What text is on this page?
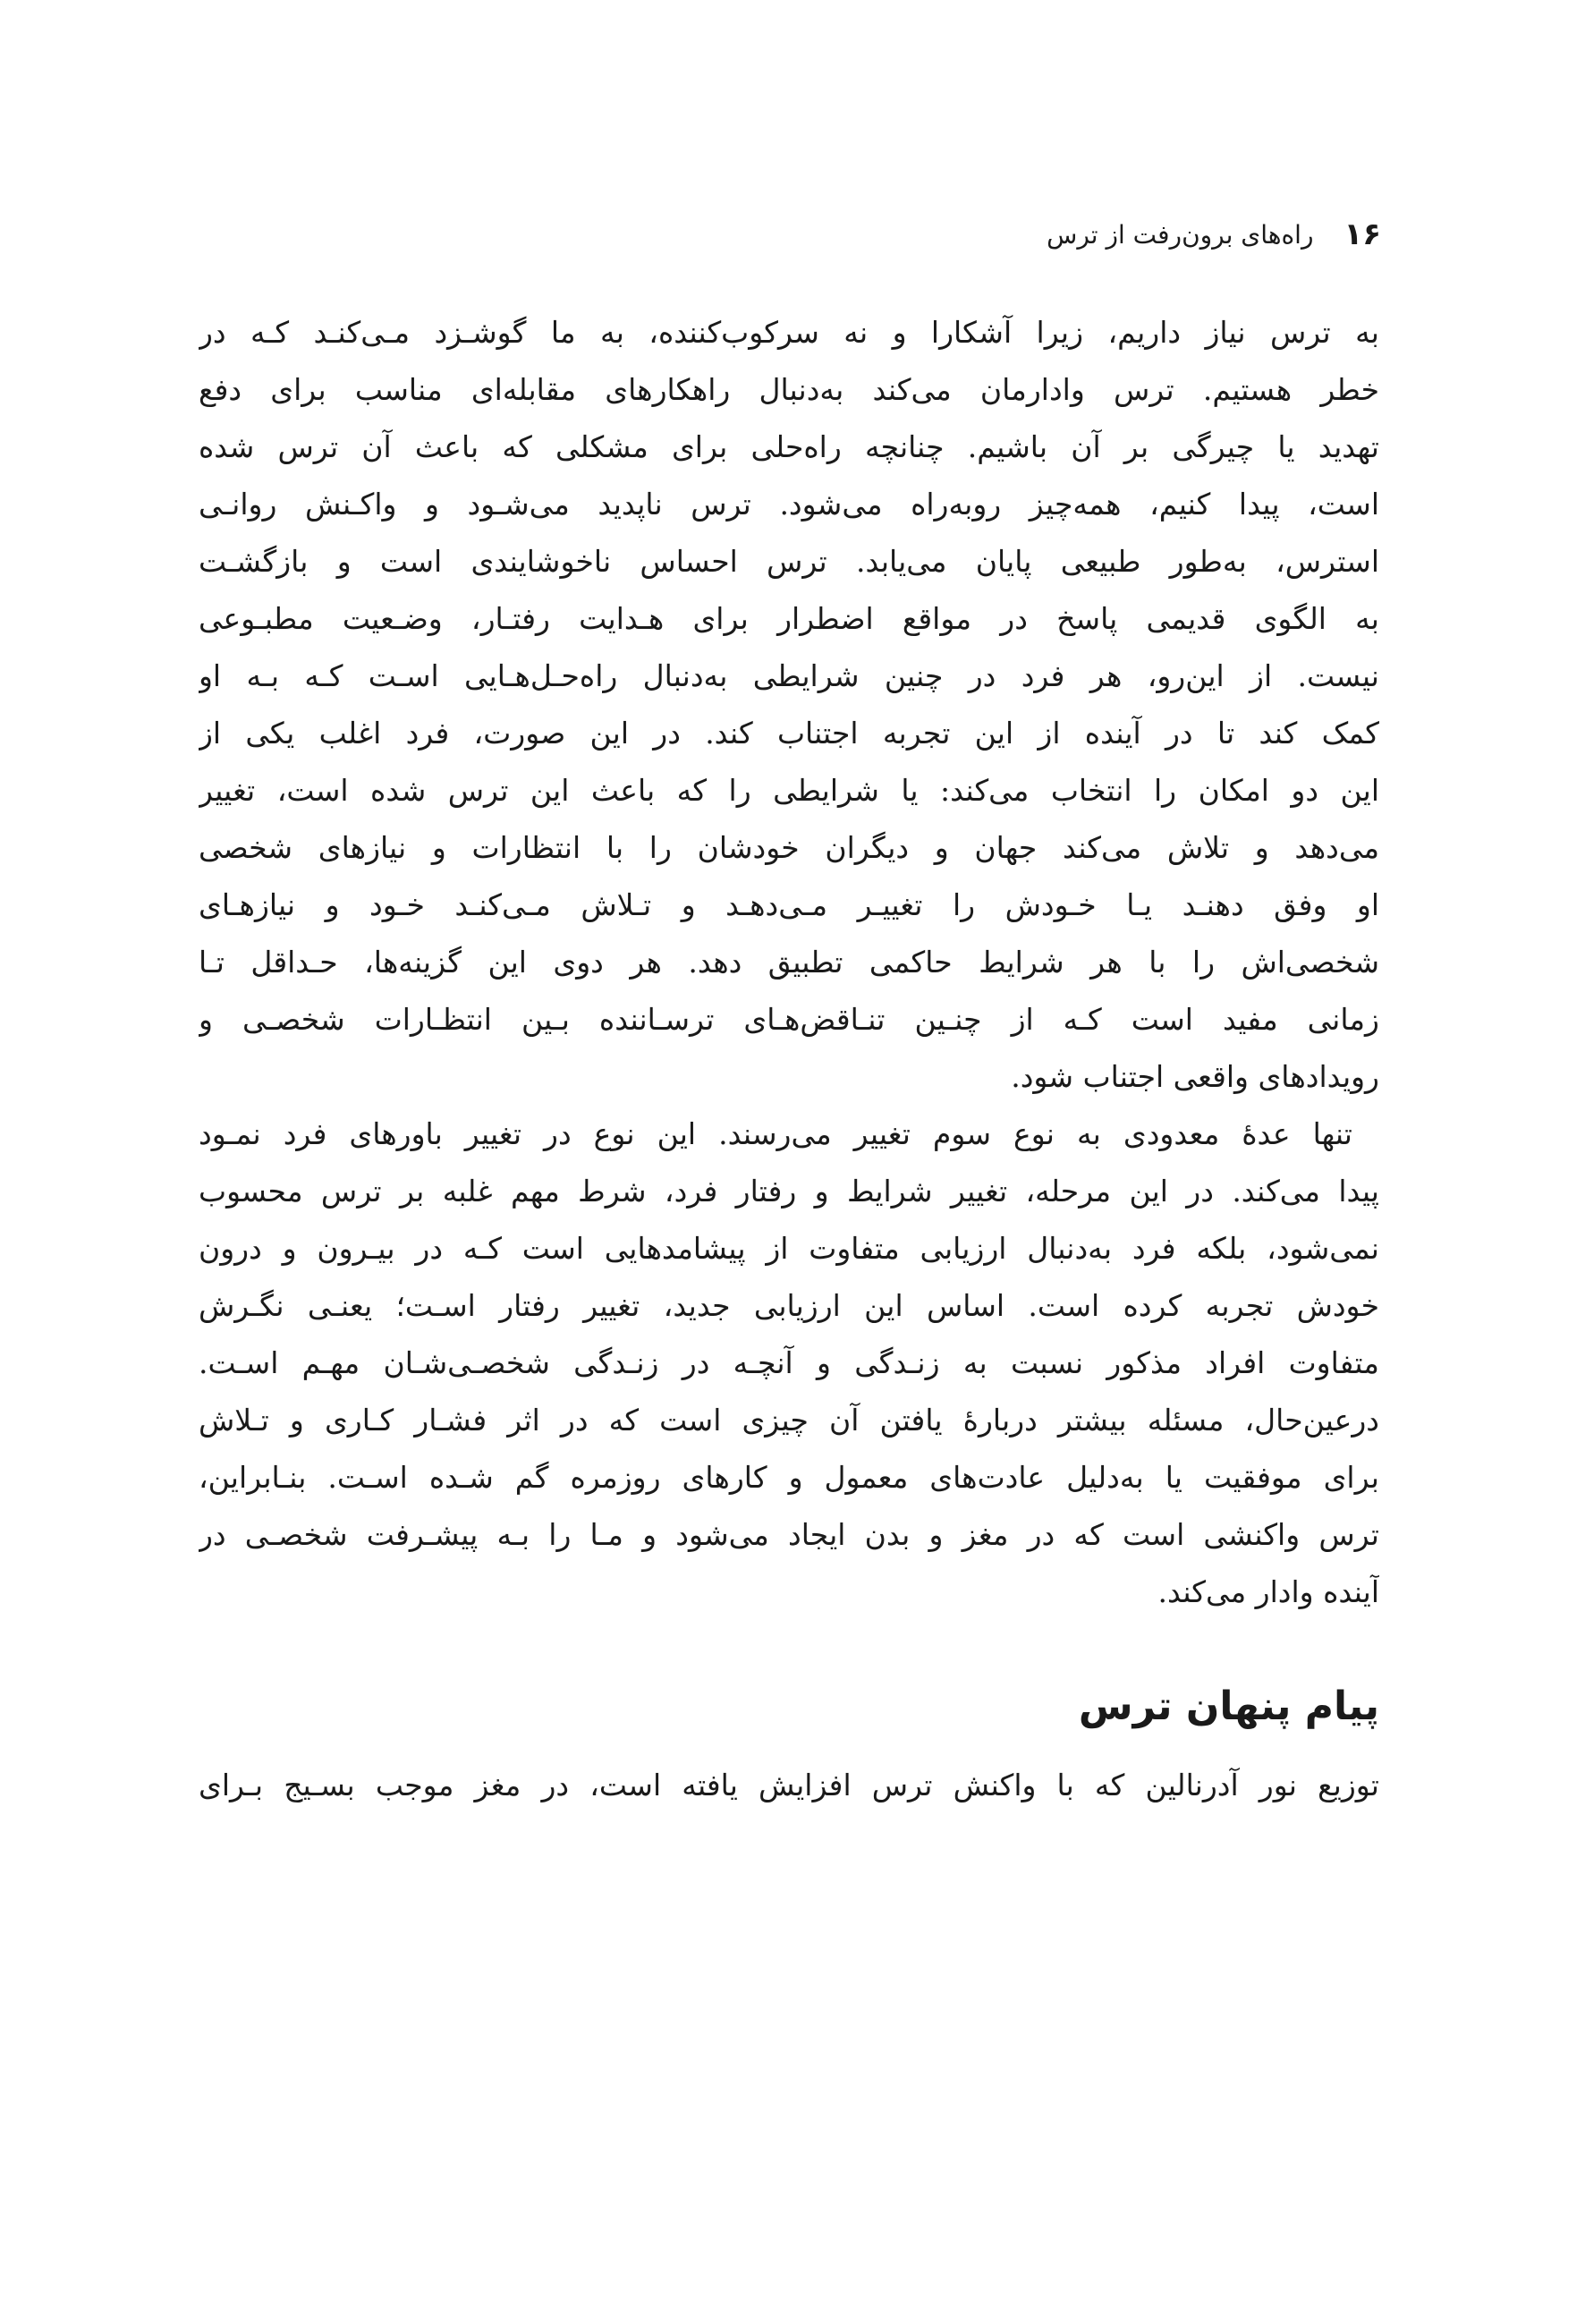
۱۶
راه‌های برون‌رفت از ترس
به ترس نیاز داریم، زیرا آشکارا و نه سرکوب‌کننده، به ما گوشـزد مـی‌کنـد کـه در
خطر هستیم. ترس وادارمان می‌کند به‌دنبال راهکارهای مقابله‌ای مناسب برای دفع
تهدید یا چیرگی بر آن باشیم. چنانچه راه‌حلی برای مشکلی که باعث آن ترس شده
است، پیدا کنیم، همه‌چیز روبه‌راه می‌شود. ترس ناپدید می‌شـود و واکـنش روانـی
استرس، به‌طور طبیعی پایان می‌یابد. ترس احساس ناخوشایندی است و بازگشـت
به الگوی قدیمی پاسخ در مواقع اضطرار برای هـدایت رفتـار، وضـعیت مطبـوعی
نیست. از این‌رو، هر فرد در چنین شرایطی به‌دنبال راه‌حـل‌هـایی اسـت کـه بـه او
کمک کند تا در آینده از این تجربه اجتناب کند. در این صورت، فرد اغلب یکی از
این دو امکان را انتخاب می‌کند: یا شرایطی را که باعث این ترس شده است، تغییر
می‌دهد و تلاش می‌کند جهان و دیگران خودشان را با انتظارات و نیازهای شخصی
او وفق دهنـد یـا خـودش را تغییـر مـی‌دهـد و تـلاش مـی‌کنـد خـود و نیازهـای
شخصی‌اش را با هر شرایط حاکمی تطبیق دهد. هر دوی این گزینه‌ها، حـداقل تـا
زمانی مفید است کـه از چنـین تنـاقض‌هـای ترسـاننده بـین انتظـارات شخصـی و
رویدادهای واقعی اجتناب شود.
تنها عدهٔ معدودی به نوع سوم تغییر می‌رسند. این نوع در تغییر باورهای فرد نمـود
پیدا می‌کند. در این مرحله، تغییر شرایط و رفتار فرد، شرط مهم غلبه بر ترس محسوب
نمی‌شود، بلکه فرد به‌دنبال ارزیابی متفاوت از پیشامدهایی است کـه در بیـرون و درون
خودش تجربه کرده است. اساس این ارزیابی جدید، تغییر رفتار اسـت؛ یعنـی نگـرش
متفاوت افراد مذکور نسبت به زنـدگی و آنچـه در زنـدگی شخصـی‌شـان مهـم اسـت.
درعین‌حال، مسئله بیشتر دربارهٔ یافتن آن چیزی است که در اثر فشـار کـاری و تـلاش
برای موفقیت یا به‌دلیل عادت‌های معمول و کارهای روزمره گم شـده اسـت. بنـابراین،
ترس واکنشی است که در مغز و بدن ایجاد می‌شود و مـا را بـه پیشـرفت شخصـی در
آینده وادار می‌کند.
پیام پنهان ترس
توزیع نور آدرنالین که با واکنش ترس افزایش یافته است، در مغز موجب بسـیج بـرای
